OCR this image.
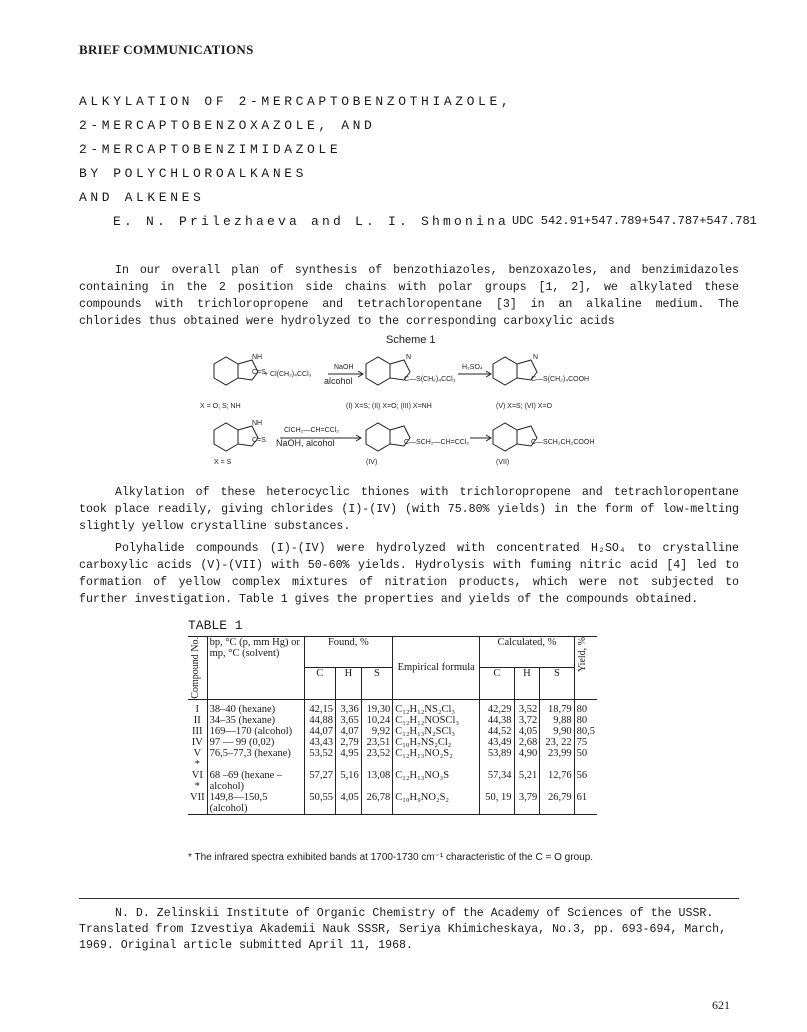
BRIEF COMMUNICATIONS
ALKYLATION OF 2-MERCAPTOBENZOTHIAZOLE,
2-MERCAPTOBENZOXAZOLE, AND
2-MERCAPTOBENZIMIDAZOLE
BY POLYCHLOROALKANES
AND ALKENES
E. N. Prilezhaeva and L. I. Shmonina UDC 542.91+547.789+547.787+547.781

In our overall plan of synthesis of benzothiazoles, benzoxazoles, and benzimidazoles containing in the 2 position side chains with polar groups [1, 2], we alkylated these compounds with trichloropropene and tetrachloropentane [3] in an alkaline medium. The chlorides thus obtained were hydrolyzed to the corresponding carboxylic acids

Scheme 1
NH
C=S
+ Cl(CH₂)₄CCl₃
NaOH
alcohol
N
C—S(CH₂)₄CCl₃
H₂SO₄
N
C—S(CH₂)₄COOH
X = O; S; NH	(I) X=S; (II) X=O; (III) X=NH	(V) X=S; (VI) X=O
NH
ClCH₂—CH=CCl₂
C=S NaOH, alcohol	C—SCH₂—CH=CCl₂	C—SCH₂CH₂COOH
X = S	(IV)	(VII)

Alkylation of these heterocyclic thiones with trichloropropene and tetrachloropentane took place readily, giving chlorides (I)-(IV) (with 75.80% yields) in the form of low-melting slightly yellow crystalline substances.

Polyhalide compounds (I)-(IV) were hydrolyzed with concentrated H₂SO₄ to crystalline carboxylic acids (V)-(VII) with 50-60% yields. Hydrolysis with fuming nitric acid [4] led to formation of yellow complex mixtures of nitration products, which were not subjected to further investigation. Table 1 gives the properties and yields of the compounds obtained.

TABLE 1
Compound No.	bp, °C (p, mm Hg) or mp, °C (solvent)	Found, %			Empirical formula	Calculated, %			Yield, %

		C	H	S		C	H	S	
I	38–40 (hexane)	42,15	3,36	19,30	C₁₂H₁₂NS₂Cl₃	42,29	3,52	18,79	80
II	34–35 (hexane)	44,88	3,65	10,24	C₁₂H₁₂NOSCl₃	44,38	3,72	9,88	80
III	169—170 (alcohol)	44,07	4,07	9,92	C₁₂H₁₃N₂SCl₃	44,52	4,05	9,90	80,5
IV	97 — 99 (0,02)	43,43	2,79	23,51	C₁₀H₇NS₂Cl₂	43,49	2,68	23, 22	75
V *	76,5–77,3 (hexane)	53,52	4,95	23,52	C₁₂H₁₃NO₂S₂	53,89	4,90	23,99	50
VI *	68 –69 (hexane – alcohol)	57,27	5,16	13,08	C₁₂H₁₃NO₃S	57,34	5,21	12,76	56
VII	149,8—150,5 (alcohol)	50,55	4,05	26,78	C₁₀H₉NO₂S₂	50, 19	3,79	26,79	61
* The infrared spectra exhibited bands at 1700-1730 cm⁻¹ characteristic of the C = O group.

N. D. Zelinskii Institute of Organic Chemistry of the Academy of Sciences of the USSR. Translated from Izvestiya Akademii Nauk SSSR, Seriya Khimicheskaya, No.3, pp. 693-694, March, 1969. Original article submitted April 11, 1968.

621
